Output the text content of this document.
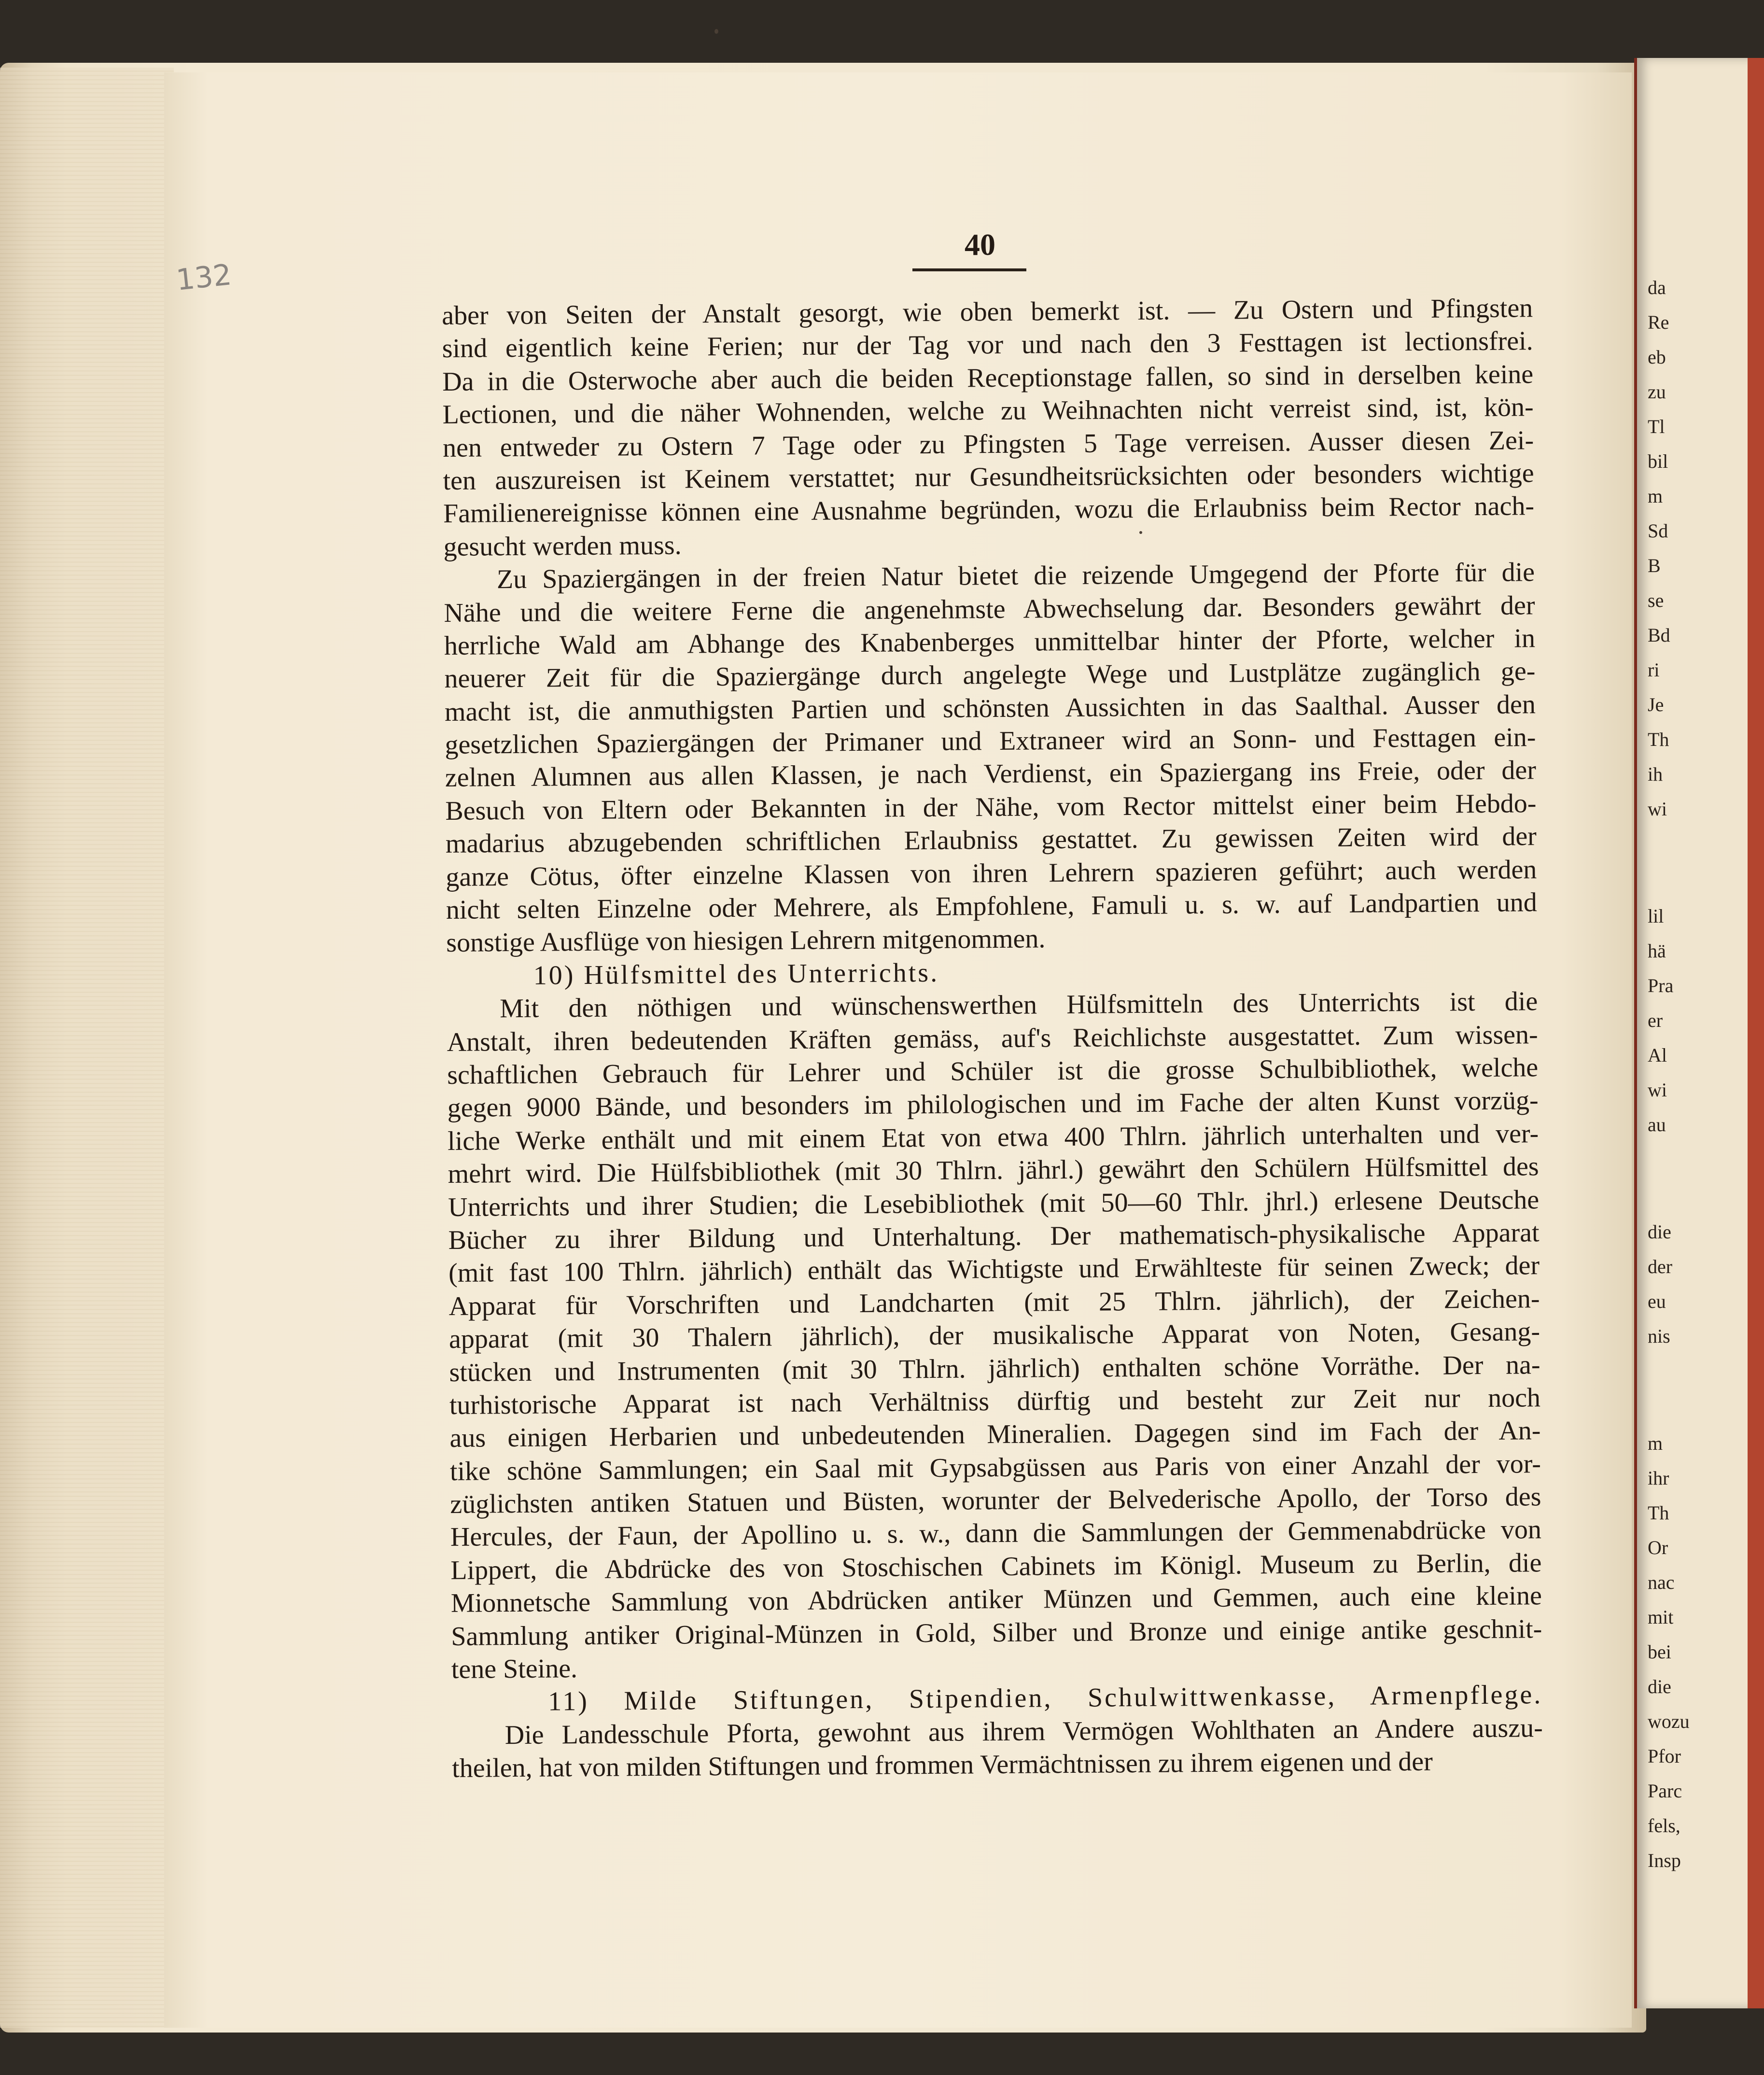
da
Re
eb
zu
Tl
bil
m
Sd
B
se
Bd
ri
Je
Th
ih
wi
lil
hä
Pra
er
Al
wi
au
die
der
eu
nis
m
ihr
Th
Or
nac
mit
bei
die
wozu
Pfor
Parc
fels,
Insp
132
40
aber von Seiten der Anstalt gesorgt, wie oben bemerkt ist. — Zu Ostern und Pfingsten
sind eigentlich keine Ferien; nur der Tag vor und nach den 3 Festtagen ist lectionsfrei.
Da in die Osterwoche aber auch die beiden Receptionstage fallen, so sind in derselben keine
Lectionen, und die näher Wohnenden, welche zu Weihnachten nicht verreist sind, ist, kön-
nen entweder zu Ostern 7 Tage oder zu Pfingsten 5 Tage verreisen. Ausser diesen Zei-
ten auszureisen ist Keinem verstattet; nur Gesundheitsrücksichten oder besonders wichtige
Familienereignisse können eine Ausnahme begründen, wozu die Erlaubniss beim Rector nach-
gesucht werden muss.
Zu Spaziergängen in der freien Natur bietet die reizende Umgegend der Pforte für die
Nähe und die weitere Ferne die angenehmste Abwechselung dar. Besonders gewährt der
herrliche Wald am Abhange des Knabenberges unmittelbar hinter der Pforte, welcher in
neuerer Zeit für die Spaziergänge durch angelegte Wege und Lustplätze zugänglich ge-
macht ist, die anmuthigsten Partien und schönsten Aussichten in das Saalthal. Ausser den
gesetzlichen Spaziergängen der Primaner und Extraneer wird an Sonn- und Festtagen ein-
zelnen Alumnen aus allen Klassen, je nach Verdienst, ein Spaziergang ins Freie, oder der
Besuch von Eltern oder Bekannten in der Nähe, vom Rector mittelst einer beim Hebdo-
madarius abzugebenden schriftlichen Erlaubniss gestattet. Zu gewissen Zeiten wird der
ganze Cötus, öfter einzelne Klassen von ihren Lehrern spazieren geführt; auch werden
nicht selten Einzelne oder Mehrere, als Empfohlene, Famuli u. s. w. auf Landpartien und
sonstige Ausflüge von hiesigen Lehrern mitgenommen.
10) Hülfsmittel des Unterrichts.
Mit den nöthigen und wünschenswerthen Hülfsmitteln des Unterrichts ist die
Anstalt, ihren bedeutenden Kräften gemäss, auf's Reichlichste ausgestattet. Zum wissen-
schaftlichen Gebrauch für Lehrer und Schüler ist die grosse Schulbibliothek, welche
gegen 9000 Bände, und besonders im philologischen und im Fache der alten Kunst vorzüg-
liche Werke enthält und mit einem Etat von etwa 400 Thlrn. jährlich unterhalten und ver-
mehrt wird. Die Hülfsbibliothek (mit 30 Thlrn. jährl.) gewährt den Schülern Hülfsmittel des
Unterrichts und ihrer Studien; die Lesebibliothek (mit 50—60 Thlr. jhrl.) erlesene Deutsche
Bücher zu ihrer Bildung und Unterhaltung. Der mathematisch-physikalische Apparat
(mit fast 100 Thlrn. jährlich) enthält das Wichtigste und Erwählteste für seinen Zweck; der
Apparat für Vorschriften und Landcharten (mit 25 Thlrn. jährlich), der Zeichen-
apparat (mit 30 Thalern jährlich), der musikalische Apparat von Noten, Gesang-
stücken und Instrumenten (mit 30 Thlrn. jährlich) enthalten schöne Vorräthe. Der na-
turhistorische Apparat ist nach Verhältniss dürftig und besteht zur Zeit nur noch
aus einigen Herbarien und unbedeutenden Mineralien. Dagegen sind im Fach der An-
tike schöne Sammlungen; ein Saal mit Gypsabgüssen aus Paris von einer Anzahl der vor-
züglichsten antiken Statuen und Büsten, worunter der Belvederische Apollo, der Torso des
Hercules, der Faun, der Apollino u. s. w., dann die Sammlungen der Gemmenabdrücke von
Lippert, die Abdrücke des von Stoschischen Cabinets im Königl. Museum zu Berlin, die
Mionnetsche Sammlung von Abdrücken antiker Münzen und Gemmen, auch eine kleine
Sammlung antiker Original-Münzen in Gold, Silber und Bronze und einige antike geschnit-
tene Steine.
11) Milde Stiftungen, Stipendien, Schulwittwenkasse, Armenpflege.
Die Landesschule Pforta, gewohnt aus ihrem Vermögen Wohlthaten an Andere auszu-
theilen, hat von milden Stiftungen und frommen Vermächtnissen zu ihrem eigenen und der
